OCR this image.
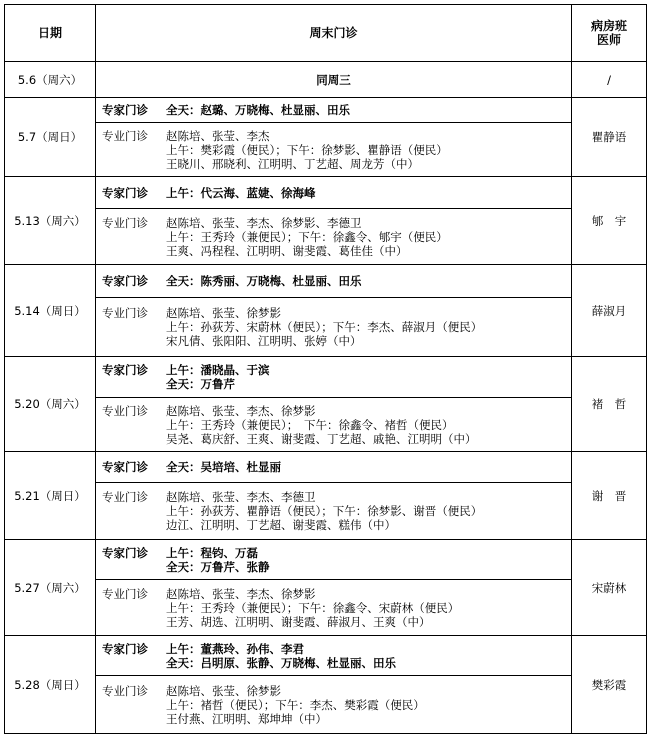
日期	周末门诊	病房班
医师

5.6（周六）	同周三	/
5.7（周日）	专家门诊 全天：赵璐、万晓梅、杜显丽、田乐	瞿静语

	专业门诊 赵陈培、张莹、李杰
上午：樊彩霞（便民）；下午：徐梦影、瞿静语（便民）
王晓川、邢晓利、江明明、丁艺超、周龙芳（中）	

5.13（周六）	专家门诊 上午：代云海、蓝婕、徐海峰	郇　宇

	专业门诊 赵陈培、张莹、李杰、徐梦影、李德卫
上午：王秀玲（兼便民）；下午：徐鑫令、郇宇（便民）
王爽、冯程程、江明明、谢斐霞、葛佳佳（中）	

5.14（周日）	专家门诊 全天：陈秀丽、万晓梅、杜显丽、田乐	薛淑月

	专业门诊 赵陈培、张莹、徐梦影
上午：孙荻芳、宋蔚林（便民）；下午：李杰、薛淑月（便民）
宋凡倩、张阳阳、江明明、张婷（中）	

5.20（周六）	专家门诊 上午：潘晓晶、于滨
全天：万鲁芹	褚　哲

	专业门诊 赵陈培、张莹、李杰、徐梦影
上午：王秀玲（兼便民）；　下午：徐鑫令、褚哲（便民）
吴尧、葛庆舒、王爽、谢斐霞、丁艺超、戚艳、江明明（中）	

5.21（周日）	专家门诊 全天：吴培培、杜显丽	谢　晋

	专业门诊 赵陈培、张莹、李杰、李德卫
上午：孙荻芳、瞿静语（便民）；下午：徐梦影、谢晋（便民）
边江、江明明、丁艺超、谢斐霞、糕伟（中）	

5.27（周六）	专家门诊 上午：程钧、万磊
全天：万鲁芹、张静	宋蔚林

	专业门诊 赵陈培、张莹、李杰、徐梦影
上午：王秀玲（兼便民）；下午：徐鑫令、宋蔚林（便民）
王芳、胡选、江明明、谢斐霞、薛淑月、王爽（中）	

5.28（周日）	专家门诊 上午：董燕玲、孙伟、李君
全天：吕明原、张静、万晓梅、杜显丽、田乐	樊彩霞

	专业门诊 赵陈培、张莹、徐梦影
上午：褚哲（便民）；下午：李杰、樊彩霞（便民）
王付燕、江明明、郑坤坤（中）	
